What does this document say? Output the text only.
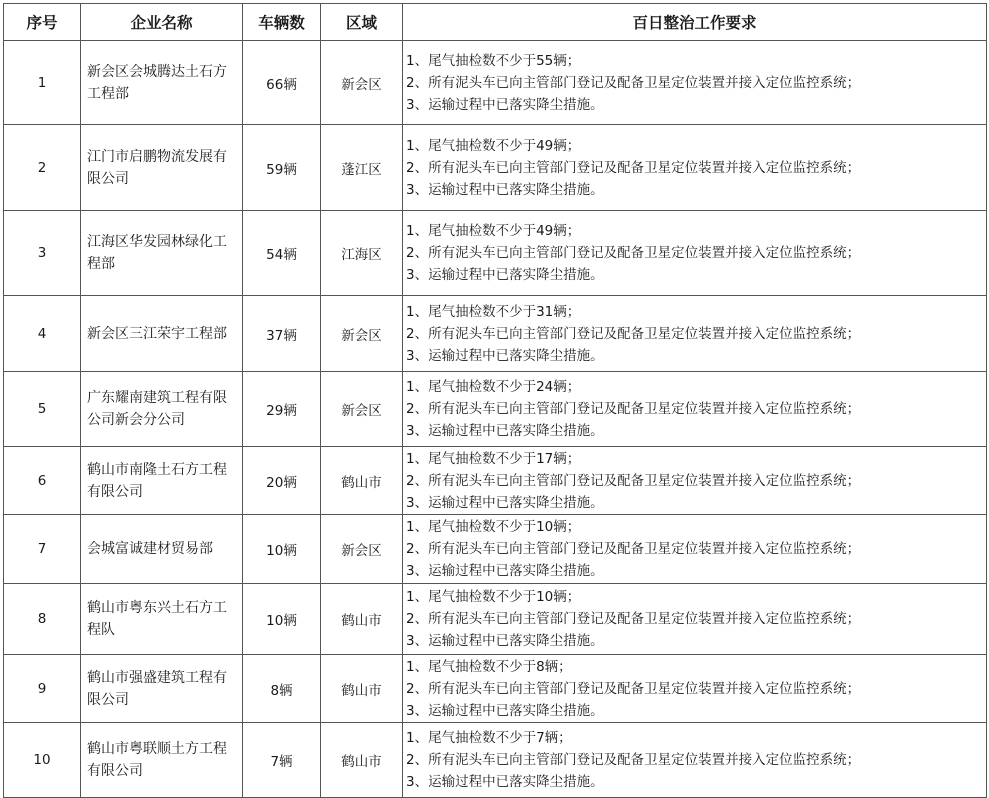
序号	企业名称	车辆数	区域	百日整治工作要求
1	新会区会城腾达土石方工程部	66辆	新会区	1、尾气抽检数不少于55辆；
2、所有泥头车已向主管部门登记及配备卫星定位装置并接入定位监控系统；
3、运输过程中已落实降尘措施。

2	江门市启鹏物流发展有限公司	59辆	蓬江区	1、尾气抽检数不少于49辆；
2、所有泥头车已向主管部门登记及配备卫星定位装置并接入定位监控系统；
3、运输过程中已落实降尘措施。

3	江海区华发园林绿化工程部	54辆	江海区	1、尾气抽检数不少于49辆；
2、所有泥头车已向主管部门登记及配备卫星定位装置并接入定位监控系统；
3、运输过程中已落实降尘措施。

4	新会区三江荣宇工程部	37辆	新会区	1、尾气抽检数不少于31辆；
2、所有泥头车已向主管部门登记及配备卫星定位装置并接入定位监控系统；
3、运输过程中已落实降尘措施。

5	广东耀南建筑工程有限公司新会分公司	29辆	新会区	1、尾气抽检数不少于24辆；
2、所有泥头车已向主管部门登记及配备卫星定位装置并接入定位监控系统；
3、运输过程中已落实降尘措施。

6	鹤山市南隆土石方工程有限公司	20辆	鹤山市	1、尾气抽检数不少于17辆；
2、所有泥头车已向主管部门登记及配备卫星定位装置并接入定位监控系统；
3、运输过程中已落实降尘措施。

7	会城富诚建材贸易部	10辆	新会区	1、尾气抽检数不少于10辆；
2、所有泥头车已向主管部门登记及配备卫星定位装置并接入定位监控系统；
3、运输过程中已落实降尘措施。

8	鹤山市粤东兴土石方工程队	10辆	鹤山市	1、尾气抽检数不少于10辆；
2、所有泥头车已向主管部门登记及配备卫星定位装置并接入定位监控系统；
3、运输过程中已落实降尘措施。

9	鹤山市强盛建筑工程有限公司	8辆	鹤山市	1、尾气抽检数不少于8辆；
2、所有泥头车已向主管部门登记及配备卫星定位装置并接入定位监控系统；
3、运输过程中已落实降尘措施。

10	鹤山市粤联顺土方工程有限公司	7辆	鹤山市	1、尾气抽检数不少于7辆；
2、所有泥头车已向主管部门登记及配备卫星定位装置并接入定位监控系统；
3、运输过程中已落实降尘措施。
